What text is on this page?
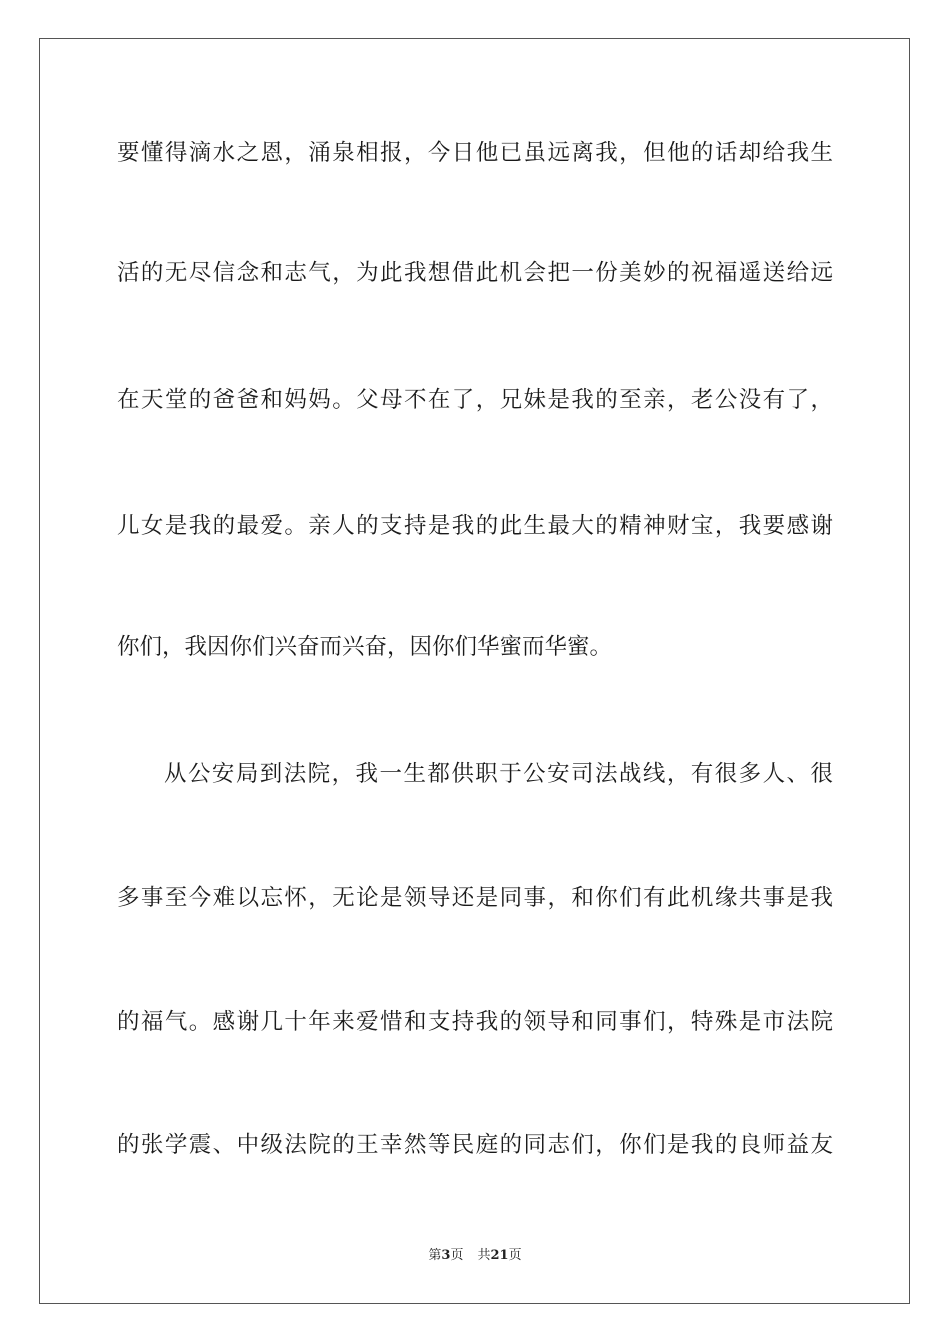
要懂得滴水之恩，涌泉相报，今日他已虽远离我，但他的话却给我生
活的无尽信念和志气，为此我想借此机会把一份美妙的祝福遥送给远
在天堂的爸爸和妈妈。父母不在了，兄妹是我的至亲，老公没有了，
儿女是我的最爱。亲人的支持是我的此生最大的精神财宝，我要感谢
你们，我因你们兴奋而兴奋，因你们华蜜而华蜜。
从公安局到法院，我一生都供职于公安司法战线，有很多人、很
多事至今难以忘怀，无论是领导还是同事，和你们有此机缘共事是我
的福气。感谢几十年来爱惜和支持我的领导和同事们，特殊是市法院
的张学震、中级法院的王幸然等民庭的同志们，你们是我的良师益友
第3页 共21页
